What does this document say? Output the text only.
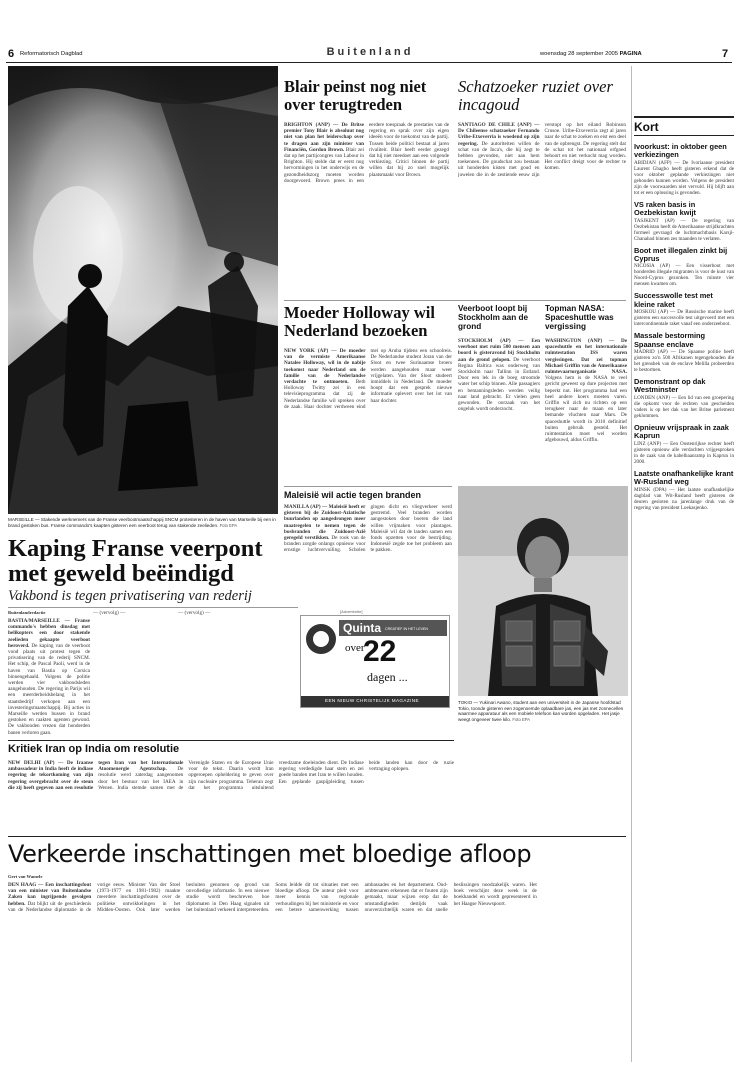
6 Reformatorisch Dagblad	Buitenland	woensdag 28 september 2005 PAGINA	7
MARSEILLE — Stakende werknemers van de Franse veerbootmaatschappij SNCM protesteren in de haven van Marseille bij een in brand gestoken bus. Franse commando's kaapten gisteren een veerboot terug van stakende zeelieden. Foto EPA
Kaping Franse veerpont met geweld beëindigd
Vakbond is tegen privatisering van rederij
Buitenlandredactie
BASTIA/MARSEILLE — Franse commando's hebben dinsdag met helikopters een door stakende zeelieden gekaapte veerboot heroverd. De kaping van de veerboot vond plaats uit protest tegen de privatisering van de rederij SNCM. Het schip, de Pascal Paoli, werd in de haven van Bastia op Corsica binnengehaald. Volgens de politie werden vier vakbondsleden aangehouden. De regering in Parijs wil een meerderheidsbelang in het staatsbedrijf verkopen aan een investeringsmaatschappij. Bij acties in Marseille werden bussen in brand gestoken en raakten agenten gewond. De vakbonden vrezen dat honderden banen verloren gaan.
— (vervolg) —	— (vervolg) —
Blair peinst nog niet over terugtreden
BRIGHTON (ANP) — De Britse premier Tony Blair is absoluut nog niet van plan het leiderschap over te dragen aan zijn minister van Financiën, Gordon Brown. Blair zei dat op het partijcongres van Labour in Brighton. Hij stelde dat er eerst nog hervormingen in het onderwijs en de gezondheidszorg moeten worden doorgevoerd. Brown prees in een eerdere toespraak de prestaties van de regering en sprak over zijn eigen ideeën voor de toekomst van de partij. Tussen beide politici bestaat al jaren rivaliteit. Blair heeft eerder gezegd dat hij niet meedoet aan een volgende verkiezing. Critici binnen de partij willen dat hij zo snel mogelijk plaatsmaakt voor Brown.
Schatzoeker ruziet over incagoud
SANTIAGO DE CHILE (ANP) — De Chileense schatzoeker Fernando Uribe-Etxeverria is woedend op zijn regering. De autoriteiten willen de schat van de Inca's, die hij zegt te hebben gevonden, niet aan hem toekennen. De goudschat zou bestaan uit honderden kisten met goud en juwelen die in de zestiende eeuw zijn verstopt op het eiland Robinson Crusoe. Uribe-Etxeverria zegt al jaren naar de schat te zoeken en eist een deel van de opbrengst. De regering stelt dat de schat tot het nationaal erfgoed behoort en niet verkocht mag worden. Het conflict dreigt voor de rechter te komen.
Moeder Holloway wil Nederland bezoeken
NEW YORK (AP) — De moeder van de vermiste Amerikaanse Natalee Holloway, wil in de nabije toekomst naar Nederland om de familie van de Nederlandse verdachte te ontmoeten. Beth Holloway Twitty zei in een televisieprogramma dat zij de Nederlandse familie wil spreken over de zaak. Haar dochter verdween eind mei op Aruba tijdens een schoolreis. De Nederlandse student Joran van der Sloot en twee Surinaamse broers werden aangehouden maar weer vrijgelaten. Van der Sloot studeert inmiddels in Nederland. De moeder hoopt dat een gesprek nieuwe informatie oplevert over het lot van haar dochter.
Veerboot loopt bij Stockholm aan de grond
STOCKHOLM (AP) — Een veerboot met ruim 500 mensen aan boord is gisteravond bij Stockholm aan de grond gelopen. De veerboot Regina Baltica was onderweg van Stockholm naar Tallinn in Estland. Door een lek in de boeg stroomde water het schip binnen. Alle passagiers en bemanningsleden werden veilig naar land gebracht. Er vielen geen gewonden. De oorzaak van het ongeluk wordt onderzocht.
Topman NASA: Spaceshuttle was vergissing
WASHINGTON (ANP) — De spaceshuttle en het internationale ruimtestation ISS waren vergissingen. Dat zei topman Michael Griffin van de Amerikaanse ruimtevaartorganisatie NASA. Volgens hem is de NASA te veel gericht geweest op dure projecten met beperkt nut. Het programma had een heel andere koers moeten varen. Griffin wil zich nu richten op een terugkeer naar de maan en later bemande vluchten naar Mars. De spaceshuttle wordt in 2010 definitief buiten gebruik gesteld. Het ruimtestation moet wel worden afgebouwd, aldus Griffin.
Maleisië wil actie tegen branden
MANILLA (AP) — Maleisië heeft er gisteren bij de Zuidoost-Aziatische buurlanden op aangedrongen meer maatregelen te nemen tegen de bosbranden die Zuidoost-Azië geregeld verstikken. De rook van de branden zorgde onlangs opnieuw voor ernstige luchtvervuiling. Scholen gingen dicht en vliegverkeer werd gestremd. Veel branden worden aangestoken door boeren die land willen vrijmaken voor plantages. Maleisië wil dat de landen samen een fonds opzetten voor de bestrijding. Indonesië zegde toe het probleem aan te pakken.
[Advertentie]
Quinta CREATIEF IN HET LEVEN
over
22
dagen ...
EEN NIEUW CHRISTELIJK MAGAZINE	TOKIO — Yukinari Awano, student aan een universiteit in de Japanse hoofdstad Tokio, toonde gisteren een zogenoemde oplaadbare jas, een jas met zonnecellen waarmee apparatuur als een mobiele telefoon kan worden opgeladen. Het jasje weegt ongeveer twee kilo. Foto EPA
Kritiek Iran op India om resolutie
NEW DELHI (AP) — De Iraanse ambassadeur in India heeft de indiase regering de tekortkoming van zijn regering overgebracht over de steun die zij heeft gegeven aan een resolutie tegen Iran van het Internationale Atoomenergie Agentschap. De resolutie werd zaterdag aangenomen door het bestuur van het IAEA in Wenen. India stemde samen met de Verenigde Staten en de Europese Unie voor de tekst. Daarin wordt Iran opgeroepen opheldering te geven over zijn nucleaire programma. Teheran zegt dat het programma uitsluitend vreedzame doeleinden dient. De Indiase regering verdedigde haar stem en zei goede banden met Iran te willen houden. Een geplande gaspijpleiding tussen beide landen kan door de ruzie vertraging oplopen.
Verkeerde inschattingen met bloedige afloop
Gert van Wamele
DEN HAAG — Een inschattingsfout van een minister van Buitenlandse Zaken kan ingrijpende gevolgen hebben. Dat blijkt uit de geschiedenis van de Nederlandse diplomatie in de vorige eeuw. Minister Van der Stoel (1973-1977 en 1981-1982) maakte meerdere inschattingsfouten over de politieke ontwikkelingen in het Midden-Oosten. Ook later werden besluiten genomen op grond van onvolledige informatie. In een nieuwe studie wordt beschreven hoe diplomaten in Den Haag signalen uit het buitenland verkeerd interpreteerden. Soms leidde dit tot situaties met een bloedige afloop. De auteur pleit voor meer kennis van regionale verhoudingen bij het ministerie en voor een betere samenwerking tussen ambassades en het departement. Oud-ambtenaren erkennen dat er fouten zijn gemaakt, maar wijzen erop dat de omstandigheden destijds vaak onoverzichtelijk waren en dat snelle beslissingen noodzakelijk waren. Het boek verschijnt deze week in de boekhandel en wordt gepresenteerd in het Haagse Nieuwspoort.
Kort
Ivoorkust: in oktober geen verkiezingen

ABIDJAN (AFP) — De Ivoriaanse president Laurent Gbagbo heeft gisteren erkend dat de voor oktober geplande verkiezingen niet gehouden kunnen worden. Volgens de president zijn de voorwaarden niet vervuld. Hij blijft aan tot er een oplossing is gevonden.

VS raken basis in Oezbekistan kwijt

TASJKENT (AP) — De regering van Oezbekistan heeft de Amerikaanse strijdkrachten formeel gevraagd de luchtmachtbasis Karsji-Chanabad binnen zes maanden te verlaten.

Boot met illegalen zinkt bij Cyprus

NICOSIA (AP) — Een visserboot met honderden illegale migranten is voor de kust van Noord-Cyprus gezonken. Ten minste vier mensen kwamen om.

Successwolle test met kleine raket

MOSKOU (AP) — De Russische marine heeft gisteren een succesvolle test uitgevoerd met een intercontinentale raket vanaf een onderzeeboot.

Massale bestorming Spaanse enclave

MADRID (AP) — De Spaanse politie heeft gisteren zo'n 500 Afrikanen tegengehouden die het grenshek van de enclave Melilla probeerden te bestormen.

Demonstrant op dak Westminster

LONDEN (ANP) — Een lid van een groepering die opkomt voor de rechten van gescheiden vaders is op het dak van het Britse parlement geklommen.

Opnieuw vrijspraak in zaak Kaprun

LINZ (ANP) — Een Oostenrijkse rechter heeft gisteren opnieuw alle verdachten vrijgesproken in de zaak van de kabelbaanramp in Kaprun in 2000.

Laatste onafhankelijke krant W-Rusland weg

MINSK (DPA) — Het laatste onafhankelijke dagblad van Wit-Rusland heeft gisteren de deuren gesloten na jarenlange druk van de regering van president Loekasjenko.
